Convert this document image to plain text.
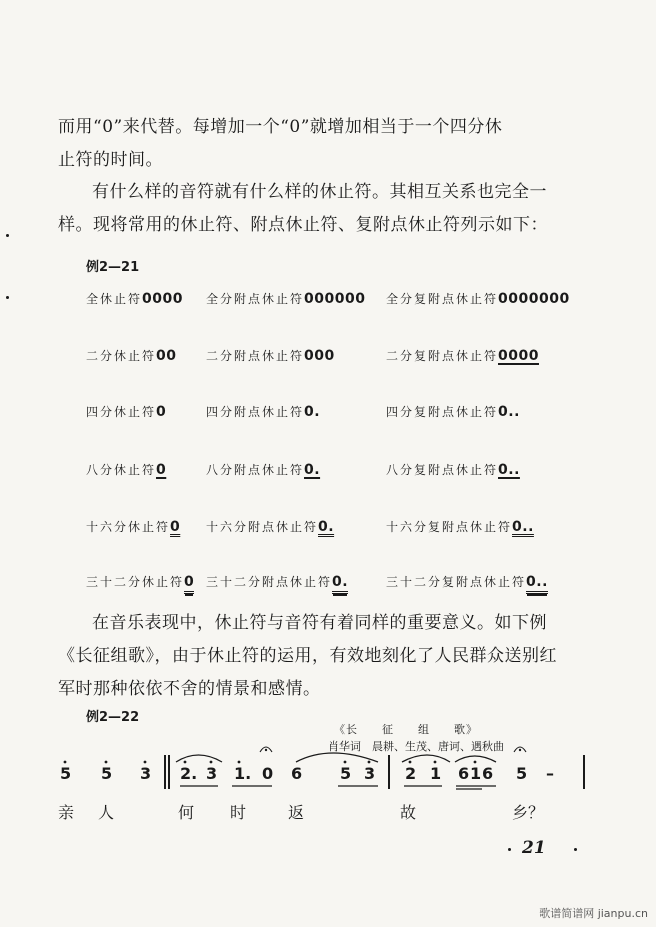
而用“0”来代替。每增加一个“0”就增加相当于一个四分休
止符的时间。
有什么样的音符就有什么样的休止符。其相互关系也完全一
样。现将常用的休止符、附点休止符、复附点休止符列示如下：
例2—21
全休止符0000 全分附点休止符000000 全分复附点休止符0000000
二分休止符00 二分附点休止符000	二分复附点休止符0000
四分休止符0	四分附点休止符0.	四分复附点休止符0..
八分休止符0	八分附点休止符0.	八分复附点休止符0..
十六分休止符0 十六分附点休止符0.	十六分复附点休止符0..
三十二分休止符0 三十二分附点休止符0.	三十二分复附点休止符0..
在音乐表现中，休止符与音符有着同样的重要意义。如下例
《长征组歌》，由于休止符的运用，有效地刻化了人民群众送别红
军时那种依依不舍的情景和感情。
例2—22
《长　　征　　组　　歌》
肖华词　晨耕、生茂、唐诃、遇秋曲
5 5 3 2. 3 1. 0 6 5 3 2 1 6 1 6 5 –
亲 人	何 时	返	故	乡？
21
歌谱简谱网 jianpu.cn
